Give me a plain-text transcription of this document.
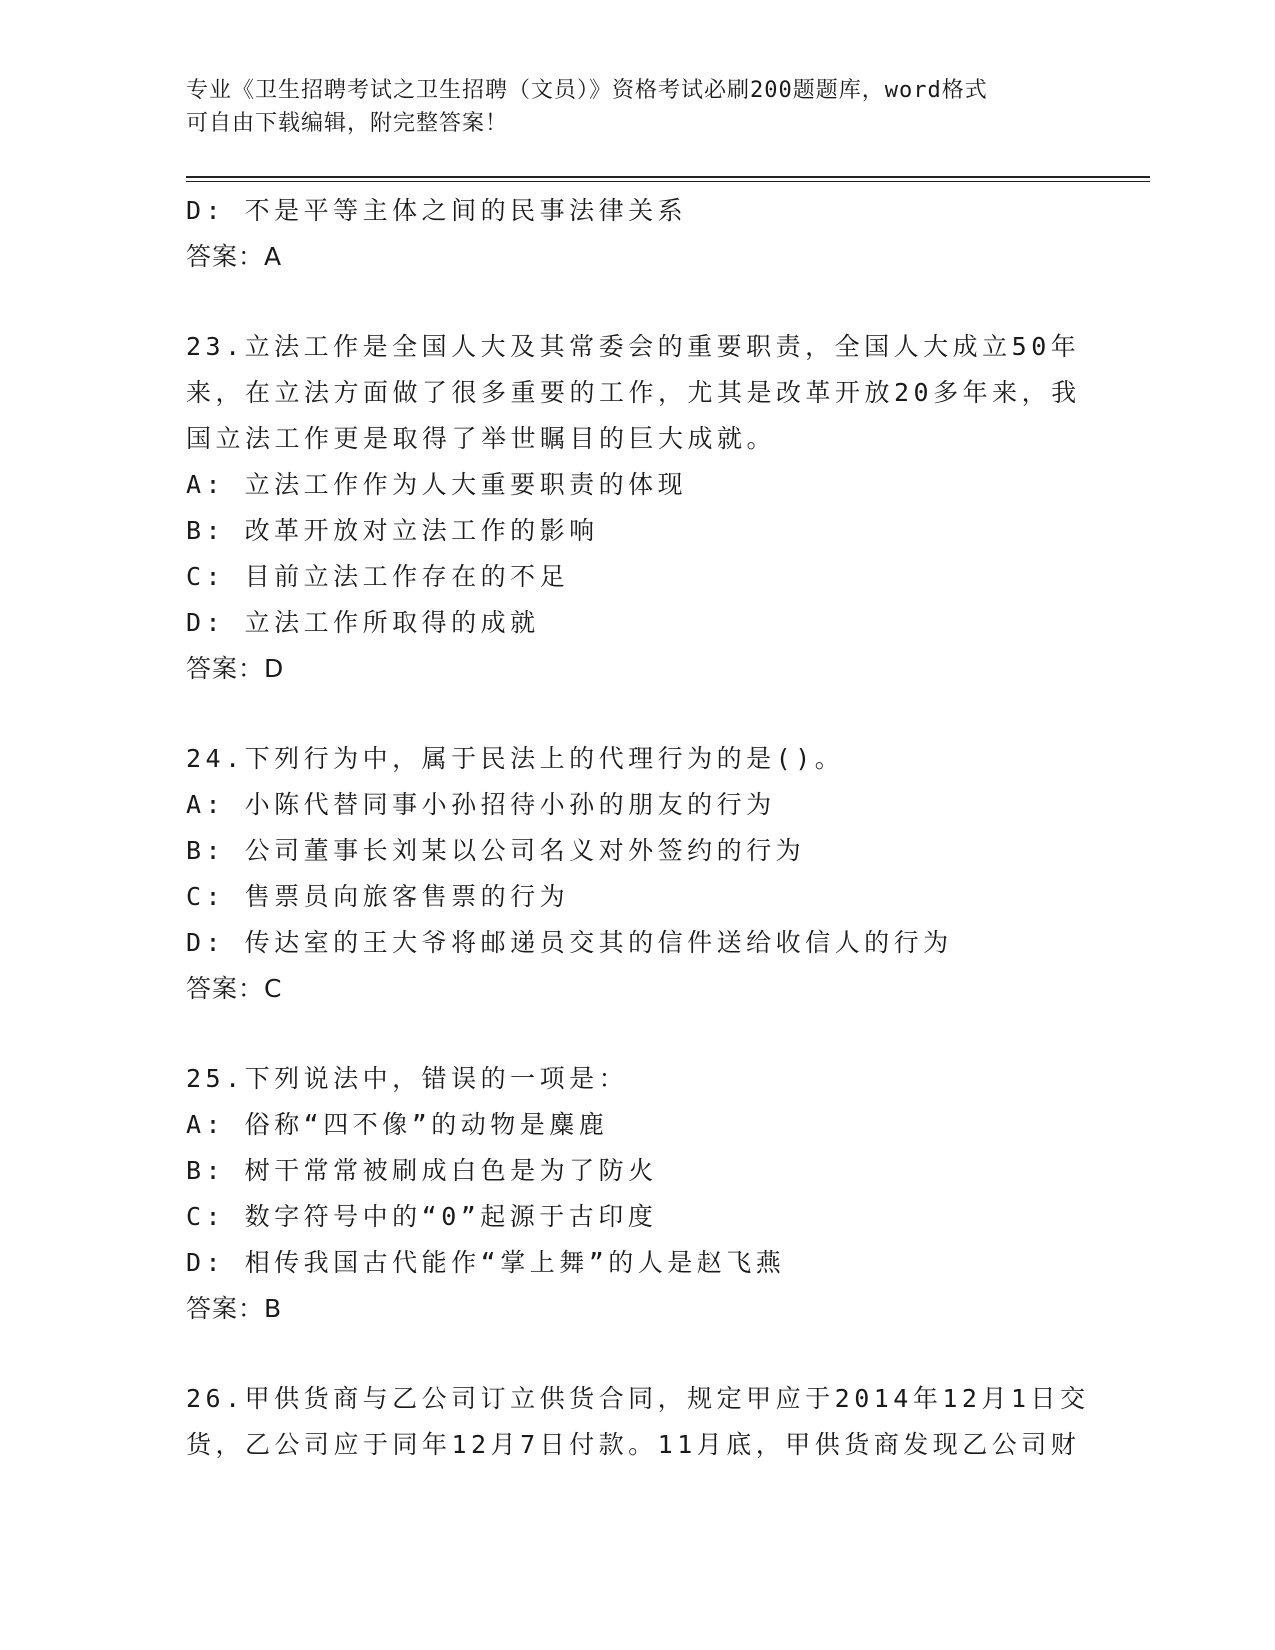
专业《卫生招聘考试之卫生招聘（文员）》资格考试必刷200题题库，word格式
可自由下载编辑，附完整答案！
D: 不是平等主体之间的民事法律关系
答案：A
23.立法工作是全国人大及其常委会的重要职责，全国人大成立50年
来，在立法方面做了很多重要的工作，尤其是改革开放20多年来，我
国立法工作更是取得了举世瞩目的巨大成就。
A: 立法工作作为人大重要职责的体现
B: 改革开放对立法工作的影响
C: 目前立法工作存在的不足
D: 立法工作所取得的成就
答案：D
24.下列行为中，属于民法上的代理行为的是()。
A: 小陈代替同事小孙招待小孙的朋友的行为
B: 公司董事长刘某以公司名义对外签约的行为
C: 售票员向旅客售票的行为
D: 传达室的王大爷将邮递员交其的信件送给收信人的行为
答案：C
25.下列说法中，错误的一项是：
A: 俗称“四不像”的动物是麋鹿
B: 树干常常被刷成白色是为了防火
C: 数字符号中的“0”起源于古印度
D: 相传我国古代能作“掌上舞”的人是赵飞燕
答案：B
26.甲供货商与乙公司订立供货合同，规定甲应于2014年12月1日交
货，乙公司应于同年12月7日付款。11月底，甲供货商发现乙公司财
